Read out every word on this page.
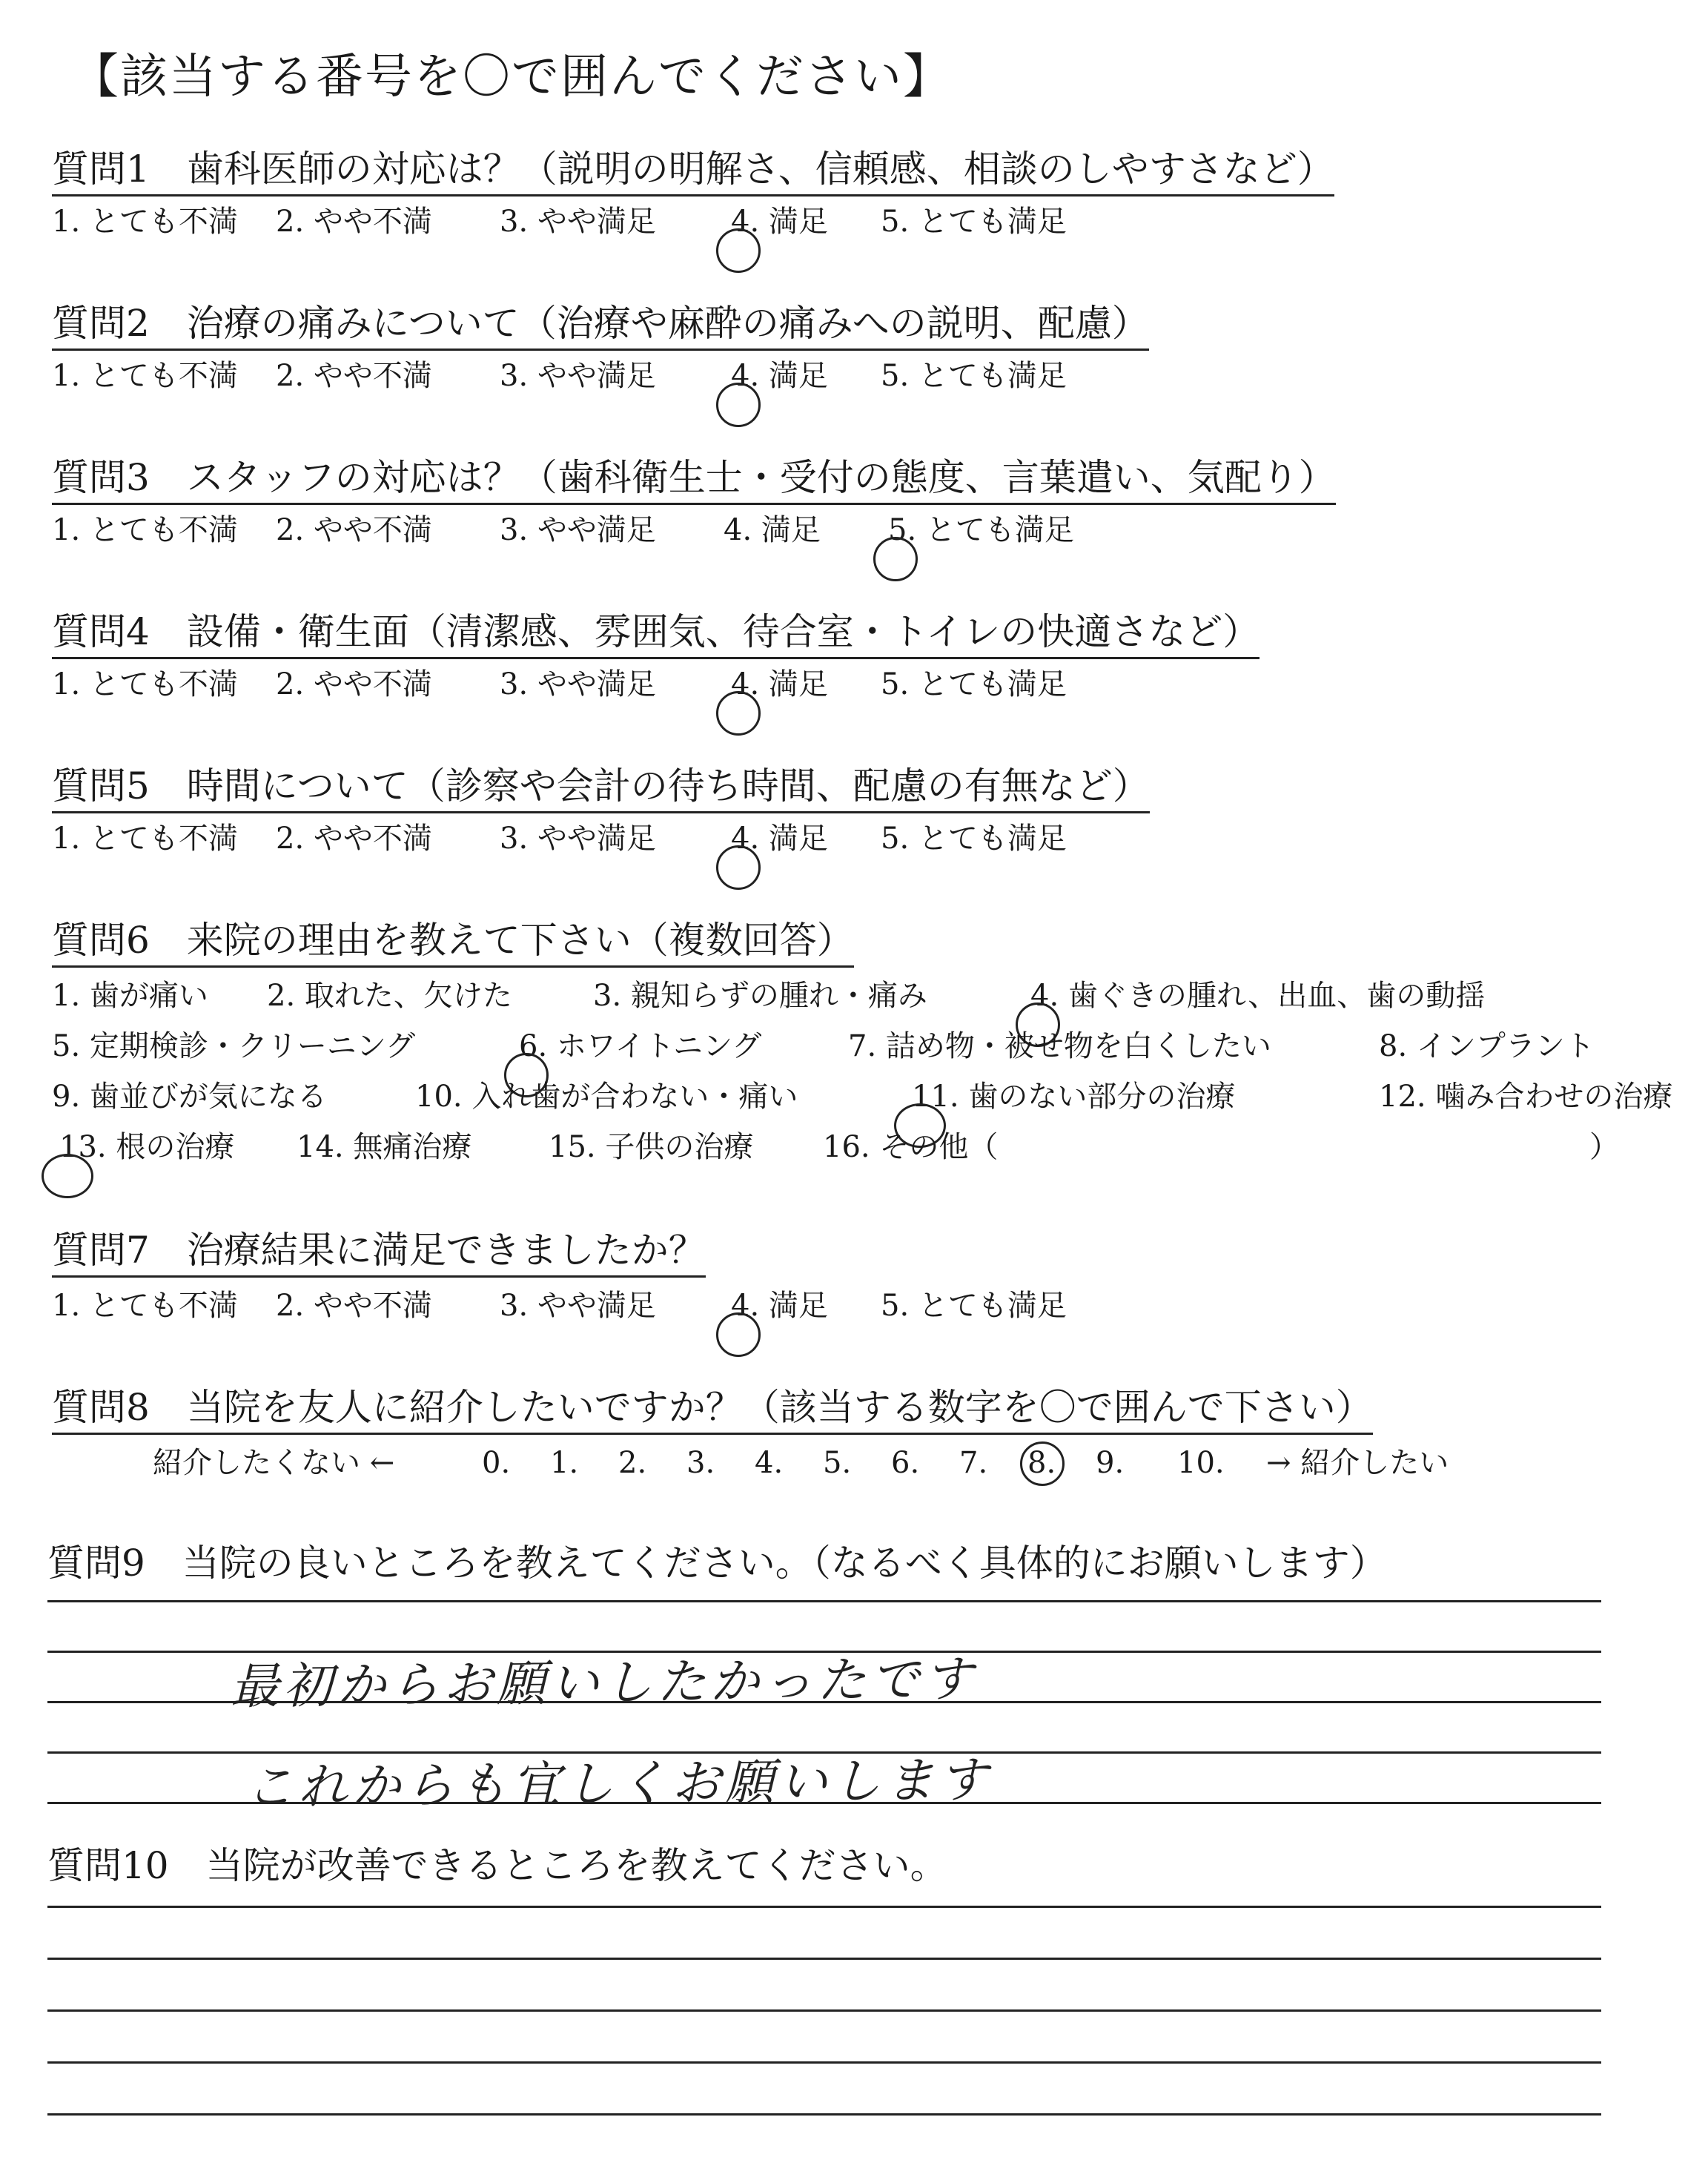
【該当する番号を〇で囲んでください】
質問1　歯科医師の対応は？（説明の明解さ、信頼感、相談のしやすさなど）
1. とても不満	2. やや不満	3. やや満足	4. 満足	5. とても満足
質問2　治療の痛みについて（治療や麻酔の痛みへの説明、配慮）
1. とても不満	2. やや不満	3. やや満足	4. 満足	5. とても満足
質問3　スタッフの対応は？（歯科衛生士・受付の態度、言葉遣い、気配り）
1. とても不満	2. やや不満	3. やや満足	4. 満足	5. とても満足
質問4　設備・衛生面（清潔感、雰囲気、待合室・トイレの快適さなど）
1. とても不満	2. やや不満	3. やや満足	4. 満足	5. とても満足
質問5　時間について（診察や会計の待ち時間、配慮の有無など）
1. とても不満	2. やや不満	3. やや満足	4. 満足	5. とても満足
質問6　来院の理由を教えて下さい（複数回答）
1. 歯が痛い	2. 取れた、欠けた	3. 親知らずの腫れ・痛み	4. 歯ぐきの腫れ、出血、歯の動揺
5. 定期検診・クリーニング	6. ホワイトニング	7. 詰め物・被せ物を白くしたい	8. インプラント
9. 歯並びが気になる	10. 入れ歯が合わない・痛い	11. 歯のない部分の治療	12. 噛み合わせの治療
13. 根の治療	14. 無痛治療	15. 子供の治療	16. その他（	）
質問7　治療結果に満足できましたか？
1. とても不満	2. やや不満	3. やや満足	4. 満足	5. とても満足
質問8　当院を友人に紹介したいですか？（該当する数字を〇で囲んで下さい）
紹介したくない ←	0.	1.	2.	3.	4.	5.	6.	7.	8.	9.	10.	→ 紹介したい
質問9　当院の良いところを教えてください。（なるべく具体的にお願いします）
最初からお願いしたかったです
これからも宜しくお願いします
質問10　当院が改善できるところを教えてください。
